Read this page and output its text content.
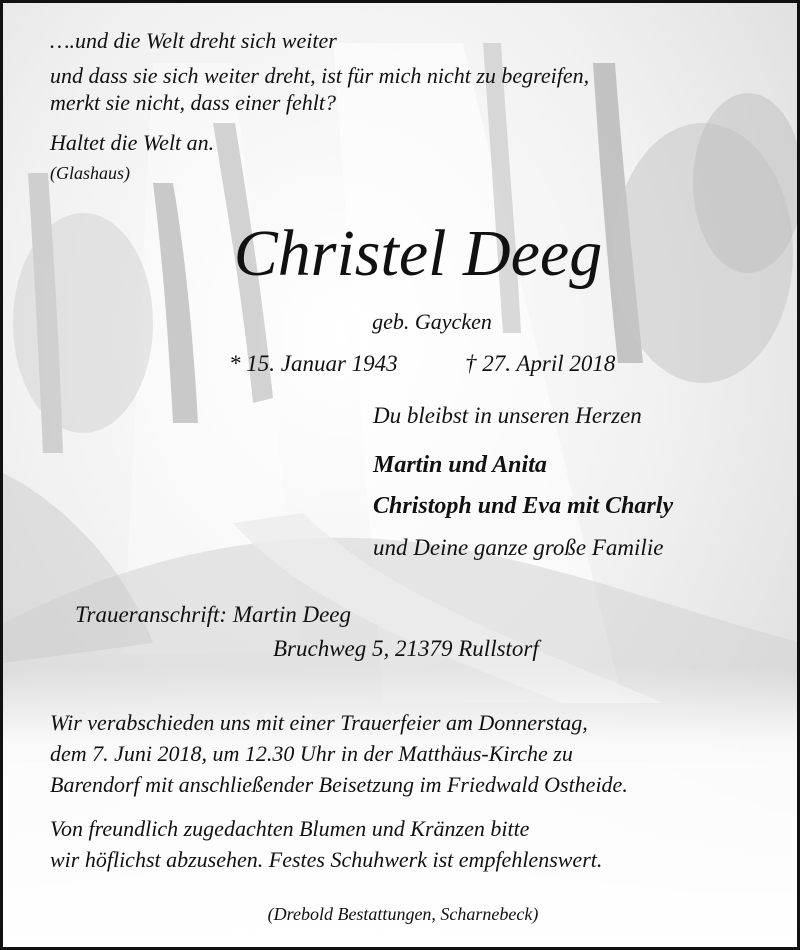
….und die Welt dreht sich weiter
und dass sie sich weiter dreht, ist für mich nicht zu begreifen,
merkt sie nicht, dass einer fehlt?
Haltet die Welt an.
(Glashaus)
Christel Deeg
geb. Gaycken
* 15. Januar 1943	† 27. April 2018
Du bleibst in unseren Herzen
Martin und Anita
Christoph und Eva mit Charly
und Deine ganze große Familie
Traueranschrift: Martin Deeg
Bruchweg 5, 21379 Rullstorf
Wir verabschieden uns mit einer Trauerfeier am Donnerstag,
dem 7. Juni 2018, um 12.30 Uhr in der Matthäus-Kirche zu
Barendorf mit anschließender Beisetzung im Friedwald Ostheide.
Von freundlich zugedachten Blumen und Kränzen bitte
wir höflichst abzusehen. Festes Schuhwerk ist empfehlenswert.
(Drebold Bestattungen, Scharnebeck)
